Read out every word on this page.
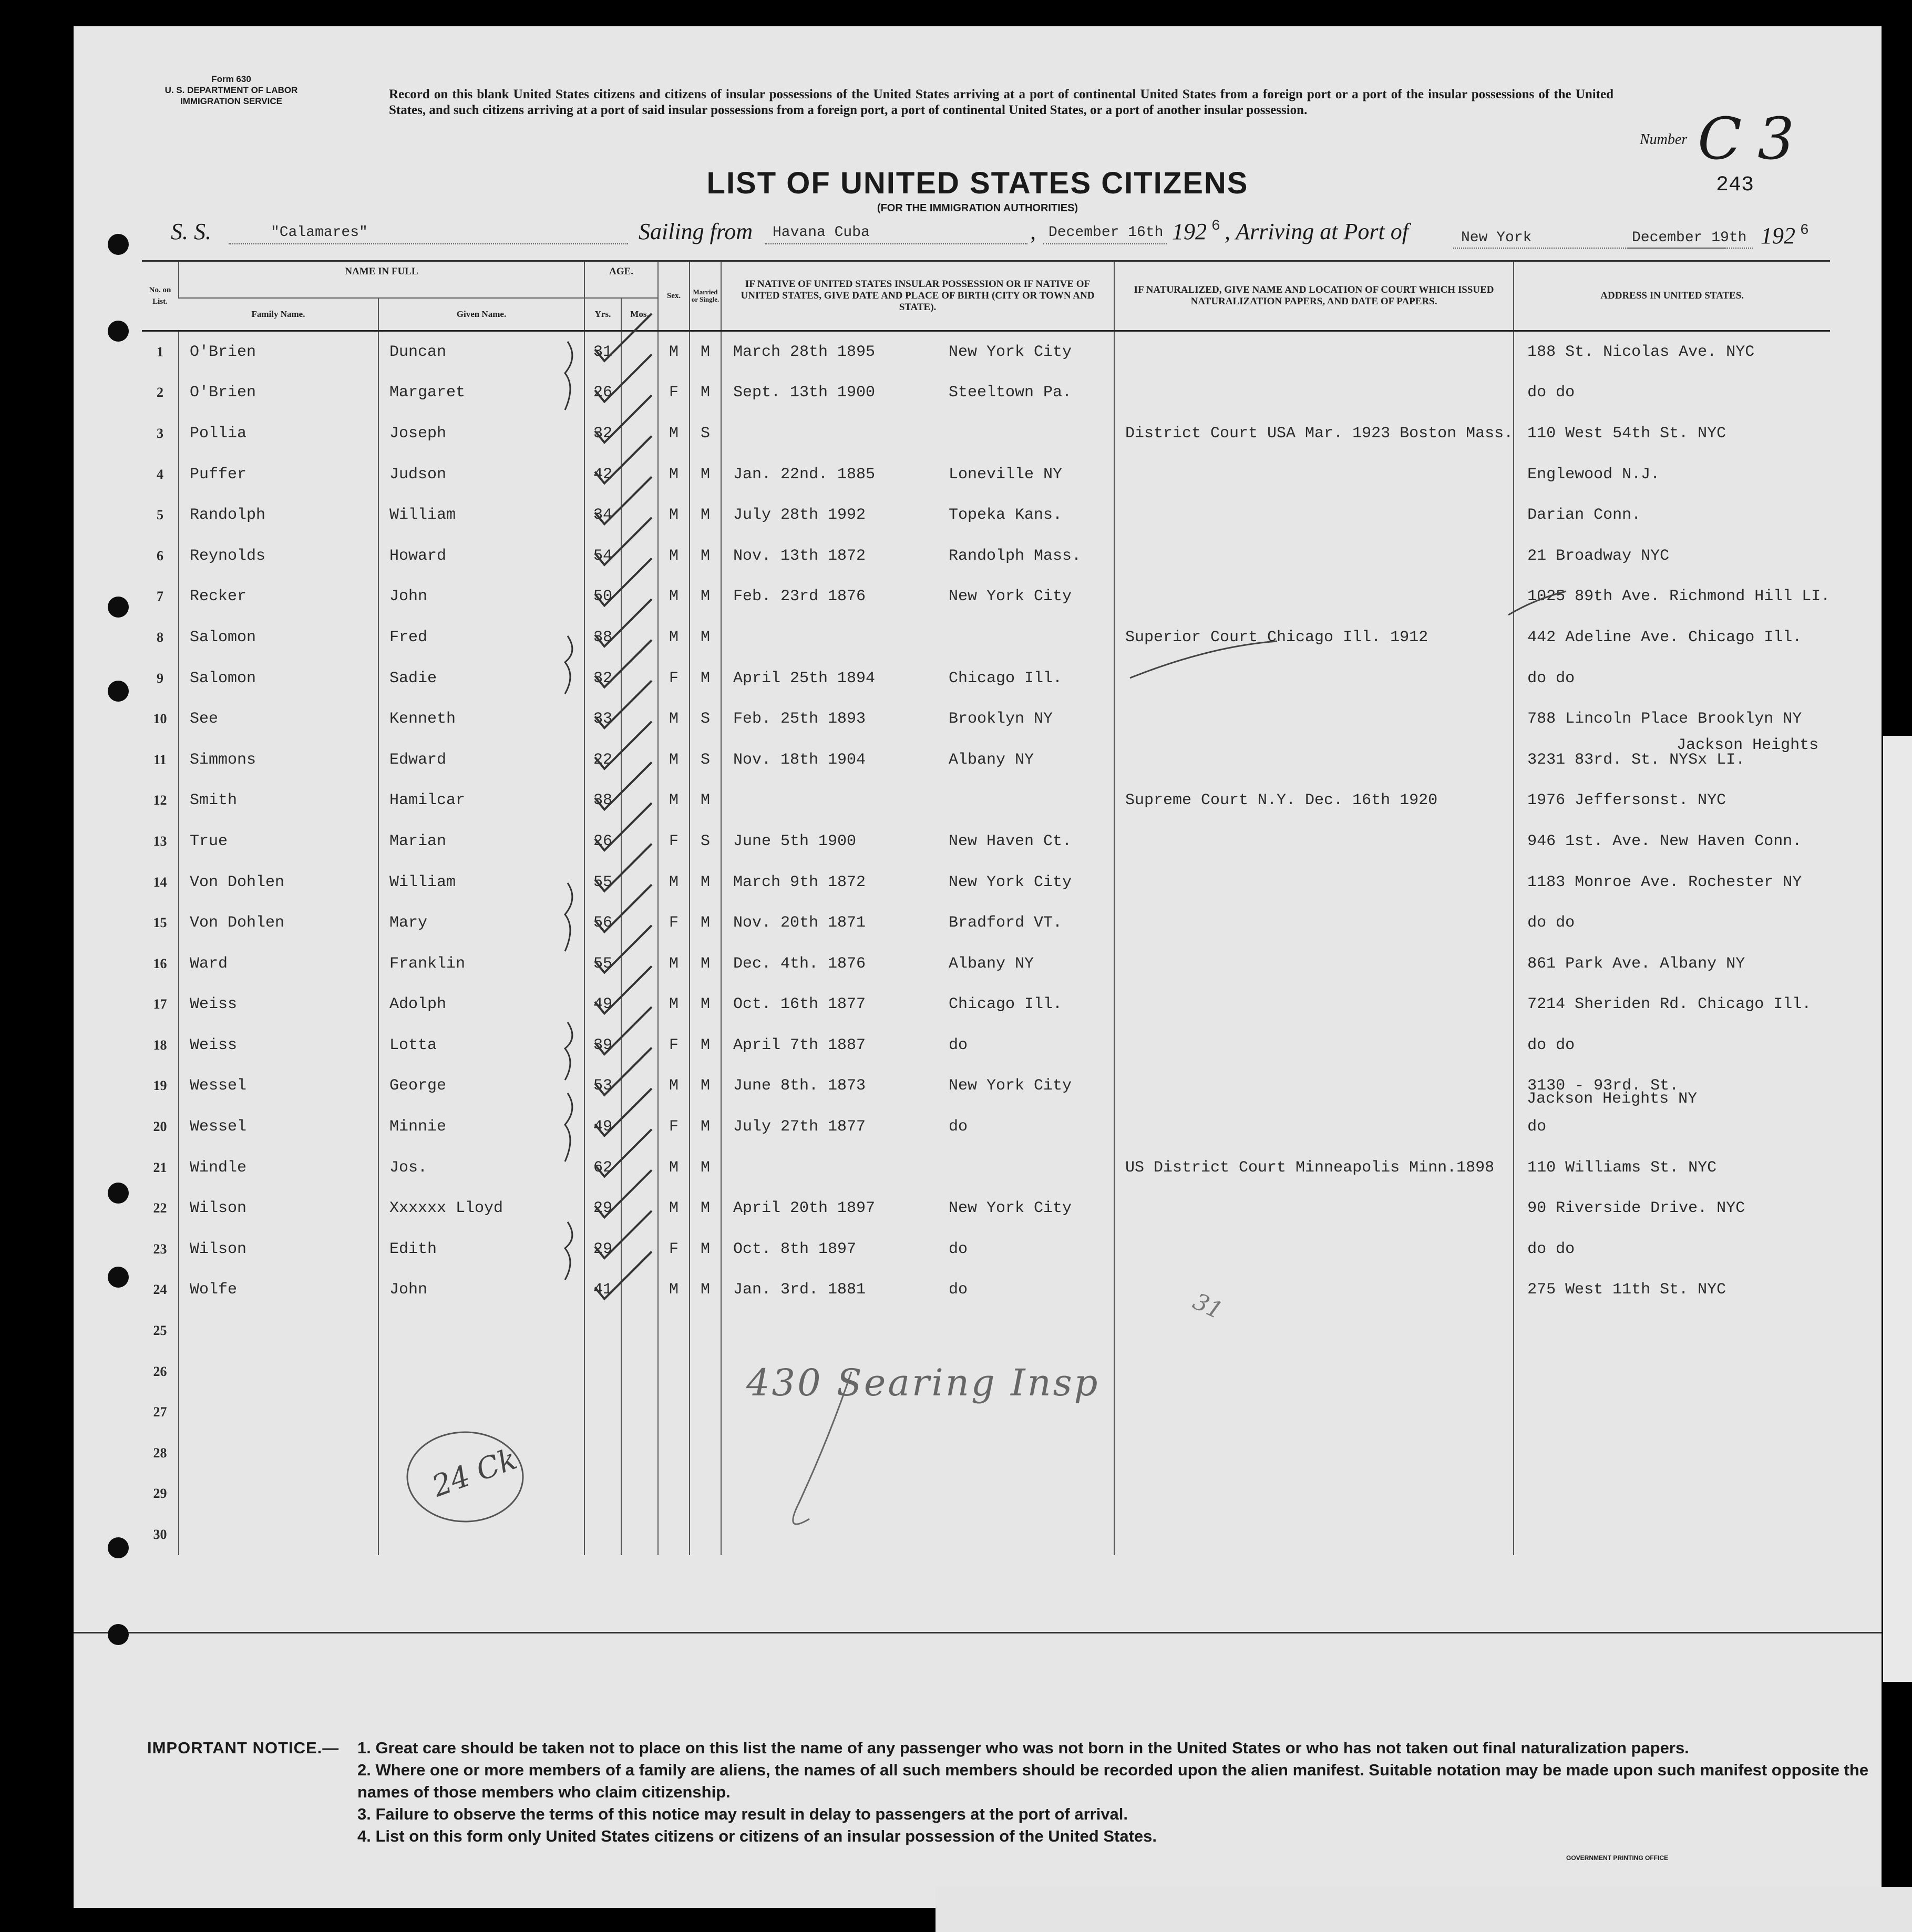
Form 630
U. S. DEPARTMENT OF LABOR
IMMIGRATION SERVICE	Record on this blank United States citizens and citizens of insular possessions of the United States arriving at a port of continental United States from a foreign port or a port of the insular possessions of the United States, and such citizens arriving at a port of said insular possessions from a foreign port, a port of continental United States, or a port of another insular possession.
Number C3
243
LIST OF UNITED STATES CITIZENS
(FOR THE IMMIGRATION AUTHORITIES)
S. S.	"Calamares"	Sailing from Havana Cuba	, December 16th 192 6 , Arriving at Port of	New York	December 19th 192 6
No. on List.	NAME IN FULL		AGE.		Sex.	Married or Single.	IF NATIVE OF UNITED STATES INSULAR POSSESSION OR IF NATIVE OF UNITED STATES, GIVE DATE AND PLACE OF BIRTH (CITY OR TOWN AND STATE).	IF NATURALIZED, GIVE NAME AND LOCATION OF COURT WHICH ISSUED NATURALIZATION PAPERS, AND DATE OF PAPERS.	ADDRESS IN UNITED STATES.
	Family Name.	Given Name.	Yrs.	Mos.					

1	O'Brien	Duncan	31		M	M	March 28th 1895 New York City		188 St. Nicolas Ave. NYC
2	O'Brien	Margaret	26		F	M	Sept. 13th 1900 Steeltown Pa.		do do
3	Pollia	Joseph	32		M	S		District Court USA Mar. 1923 Boston Mass.	110 West 54th St. NYC
4	Puffer	Judson	42		M	M	Jan. 22nd. 1885 Loneville NY		Englewood N.J.
5	Randolph	William	34		M	M	July 28th 1992 Topeka Kans.		Darian Conn.
6	Reynolds	Howard	54		M	M	Nov. 13th 1872 Randolph Mass.		21 Broadway NYC
7	Recker	John	50		M	M	Feb. 23rd 1876 New York City		1025 89th Ave. Richmond Hill LI.
8	Salomon	Fred	38		M	M		Superior Court Chicago Ill. 1912	442 Adeline Ave. Chicago Ill.
9	Salomon	Sadie	32		F	M	April 25th 1894 Chicago Ill.		do do
10	See	Kenneth	33		M	S	Feb. 25th 1893 Brooklyn NY		788 Lincoln Place Brooklyn NY
11	Simmons	Edward	22		M	S	Nov. 18th 1904 Albany NY		3231 83rd. St. NYSx LI.
12	Smith	Hamilcar	38		M	M		Supreme Court N.Y. Dec. 16th 1920	1976 Jeffersonst. NYC
13	True	Marian	26		F	S	June 5th 1900 New Haven Ct.		946 1st. Ave. New Haven Conn.
14	Von Dohlen	William	55		M	M	March 9th 1872 New York City		1183 Monroe Ave. Rochester NY
15	Von Dohlen	Mary	56		F	M	Nov. 20th 1871 Bradford VT.		do do
16	Ward	Franklin	55		M	M	Dec. 4th. 1876 Albany NY		861 Park Ave. Albany NY
17	Weiss	Adolph	49		M	M	Oct. 16th 1877 Chicago Ill.		7214 Sheriden Rd. Chicago Ill.
18	Weiss	Lotta	39		F	M	April 7th 1887 do		do do
19	Wessel	George	53		M	M	June 8th. 1873 New York City		3130 - 93rd. St.
20	Wessel	Minnie	49		F	M	July 27th 1877 do		do
21	Windle	Jos.	62		M	M		US District Court Minneapolis Minn.1898	110 Williams St. NYC
22	Wilson	Xxxxxx Lloyd	29		M	M	April 20th 1897 New York City		90 Riverside Drive. NYC
23	Wilson	Edith	29		F	M	Oct. 8th 1897 do		do do
24	Wolfe	John	41		M	M	Jan. 3rd. 1881 do		275 West 11th St. NYC
25									
26									
27									
28									
29									
30									
Jackson Heights
Jackson Heights NY
24 Ck
430 Searing Insp
31
IMPORTANT NOTICE.—	1. Great care should be taken not to place on this list the name of any passenger who was not born in the United States or who has not taken out final naturalization papers.
2. Where one or more members of a family are aliens, the names of all such members should be recorded upon the alien manifest. Suitable notation may be made upon such manifest opposite the names of those members who claim citizenship.
3. Failure to observe the terms of this notice may result in delay to passengers at the port of arrival.
4. List on this form only United States citizens or citizens of an insular possession of the United States.
GOVERNMENT PRINTING OFFICE
